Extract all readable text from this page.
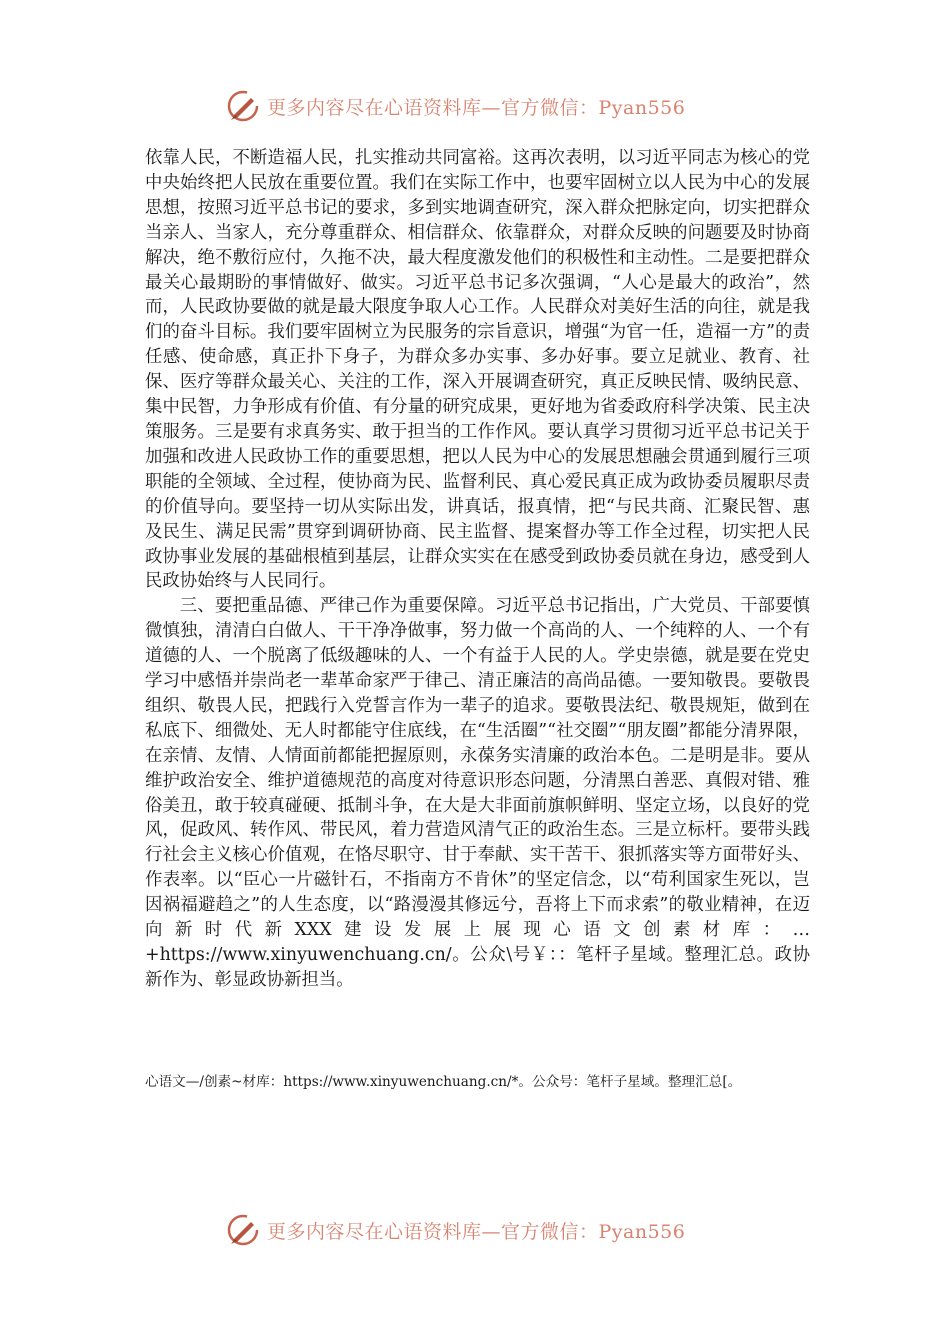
更多内容尽在心语资料库—官方微信：Pyan556

依靠人民，不断造福人民，扎实推动共同富裕。这再次表明，以习近平同志为核心的党中央始终把人民放在重要位置。我们在实际工作中，也要牢固树立以人民为中心的发展思想，按照习近平总书记的要求，多到实地调查研究，深入群众把脉定向，切实把群众当亲人、当家人，充分尊重群众、相信群众、依靠群众，对群众反映的问题要及时协商解决，绝不敷衍应付，久拖不决，最大程度激发他们的积极性和主动性。二是要把群众最关心最期盼的事情做好、做实。习近平总书记多次强调，“人心是最大的政治”，然而，人民政协要做的就是最大限度争取人心工作。人民群众对美好生活的向往，就是我们的奋斗目标。我们要牢固树立为民服务的宗旨意识，增强“为官一任，造福一方”的责任感、使命感，真正扑下身子，为群众多办实事、多办好事。要立足就业、教育、社保、医疗等群众最关心、关注的工作，深入开展调查研究，真正反映民情、吸纳民意、集中民智，力争形成有价值、有分量的研究成果，更好地为省委政府科学决策、民主决策服务。三是要有求真务实、敢于担当的工作作风。要认真学习贯彻习近平总书记关于加强和改进人民政协工作的重要思想，把以人民为中心的发展思想融会贯通到履行三项职能的全领域、全过程，使协商为民、监督利民、真心爱民真正成为政协委员履职尽责的价值导向。要坚持一切从实际出发，讲真话，报真情，把“与民共商、汇聚民智、惠及民生、满足民需”贯穿到调研协商、民主监督、提案督办等工作全过程，切实把人民政协事业发展的基础根植到基层，让群众实实在在感受到政协委员就在身边，感受到人民政协始终与人民同行。

三、要把重品德、严律己作为重要保障。习近平总书记指出，广大党员、干部要慎微慎独，清清白白做人、干干净净做事，努力做一个高尚的人、一个纯粹的人、一个有道德的人、一个脱离了低级趣味的人、一个有益于人民的人。学史崇德，就是要在党史学习中感悟并崇尚老一辈革命家严于律己、清正廉洁的高尚品德。一要知敬畏。要敬畏组织、敬畏人民，把践行入党誓言作为一辈子的追求。要敬畏法纪、敬畏规矩，做到在私底下、细微处、无人时都能守住底线，在“生活圈”“社交圈”“朋友圈”都能分清界限，在亲情、友情、人情面前都能把握原则，永葆务实清廉的政治本色。二是明是非。要从维护政治安全、维护道德规范的高度对待意识形态问题，分清黑白善恶、真假对错、雅俗美丑，敢于较真碰硬、抵制斗争，在大是大非面前旗帜鲜明、坚定立场，以良好的党风，促政风、转作风、带民风，着力营造风清气正的政治生态。三是立标杆。要带头践行社会主义核心价值观，在恪尽职守、甘于奉献、实干苦干、狠抓落实等方面带好头、作表率。以“臣心一片磁针石，不指南方不肯休”的坚定信念，以“苟利国家生死以，岂因祸福避趋之”的人生态度，以“路漫漫其修远兮，吾将上下而求索”的敬业精神，在迈向新时代新XXX建设发展上展现心语文创素材库：…+https://www.xinyuwenchuang.cn/。公众\号￥：：笔杆子星域。整理汇总。政协新作为、彰显政协新担当。

心语文—/创素~材库：https://www.xinyuwenchuang.cn/*。公众号：笔杆子星域。整理汇总[。
更多内容尽在心语资料库—官方微信：Pyan556
